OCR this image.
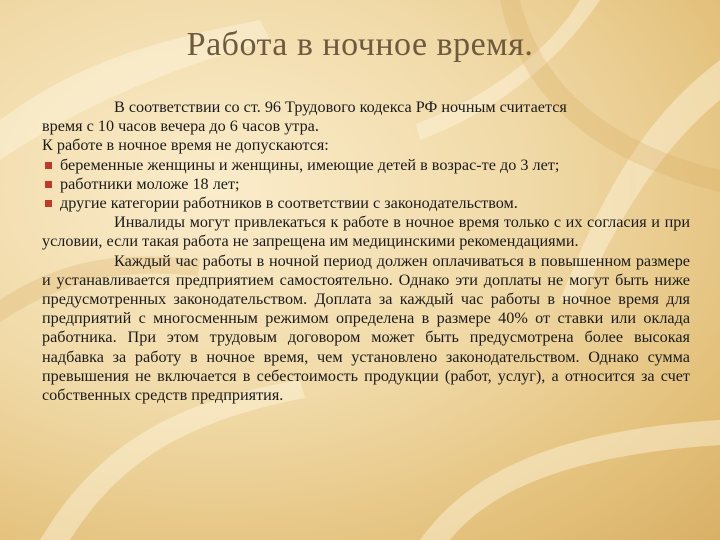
Работа в ночное время.

В соответствии со ст. 96 Трудового кодекса РФ ночным считается

время с 10 часов вечера до 6 часов утра.

К работе в ночное время не допускаются:

беременные женщины и женщины, имеющие детей в возрас-те до 3 лет;
работники моложе 18 лет;
другие категории работников в соответствии с законодательством.

Инвалиды могут привлекаться к работе в ночное время только с их согласия и при условии, если такая работа не запрещена им медицинскими рекомендациями.

Каждый час работы в ночной период должен оплачиваться в повышенном размере и устанавливается предприятием самостоятельно. Однако эти доплаты не могут быть ниже предусмотренных законодательством. Доплата за каждый час работы в ночное время для предприятий с многосменным режимом определена в размере 40% от ставки или оклада работника. При этом трудовым договором может быть предусмотрена более высокая надбавка за работу в ночное время, чем установлено законодательством. Однако сумма превышения не включается в себестоимость продукции (работ, услуг), а относится за счет собственных средств предприятия.
